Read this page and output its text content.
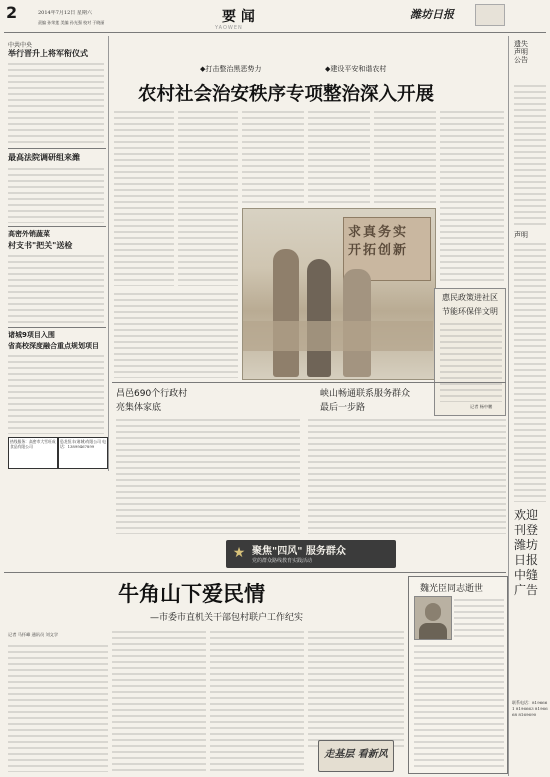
2	2014年7月12日 星期六
责编 孙荣莲 美编 孙光强 校对 于晓丽	要 闻
YAOWEN
潍坊日报
中共中央
举行晋升上将军衔仪式
最高法院调研组来潍
高密外销蔬菜
村支书"把关"送检
诸城9项目入围
省高校深度融合重点规划项目
热线服务：高密市大雪旺成食品有限公司
恐龙恒丰(诸城)有限公司 电话：13899467899
◆打击整治黑恶势力	◆建设平安和谐农村
农村社会治安秩序专项整治深入开展
求真务实 开拓创新
惠民政策进社区
节能环保伴文明
记者 杨中鹏
昌邑690个行政村
亮集体家底
峡山畅通联系服务群众
最后一步路
★ 聚焦"四风" 服务群众
党的群众路线教育实践活动
牛角山下爱民情
—市委市直机关干部包村联户工作纪实
记者 马怀峰 通讯员 刘文学
走基层 看新风
魏光臣同志逝世
遗失声明公告
声明
欢迎刊登潍坊日报中缝广告
联系电话：8196661 8196663 8196668 8169690
